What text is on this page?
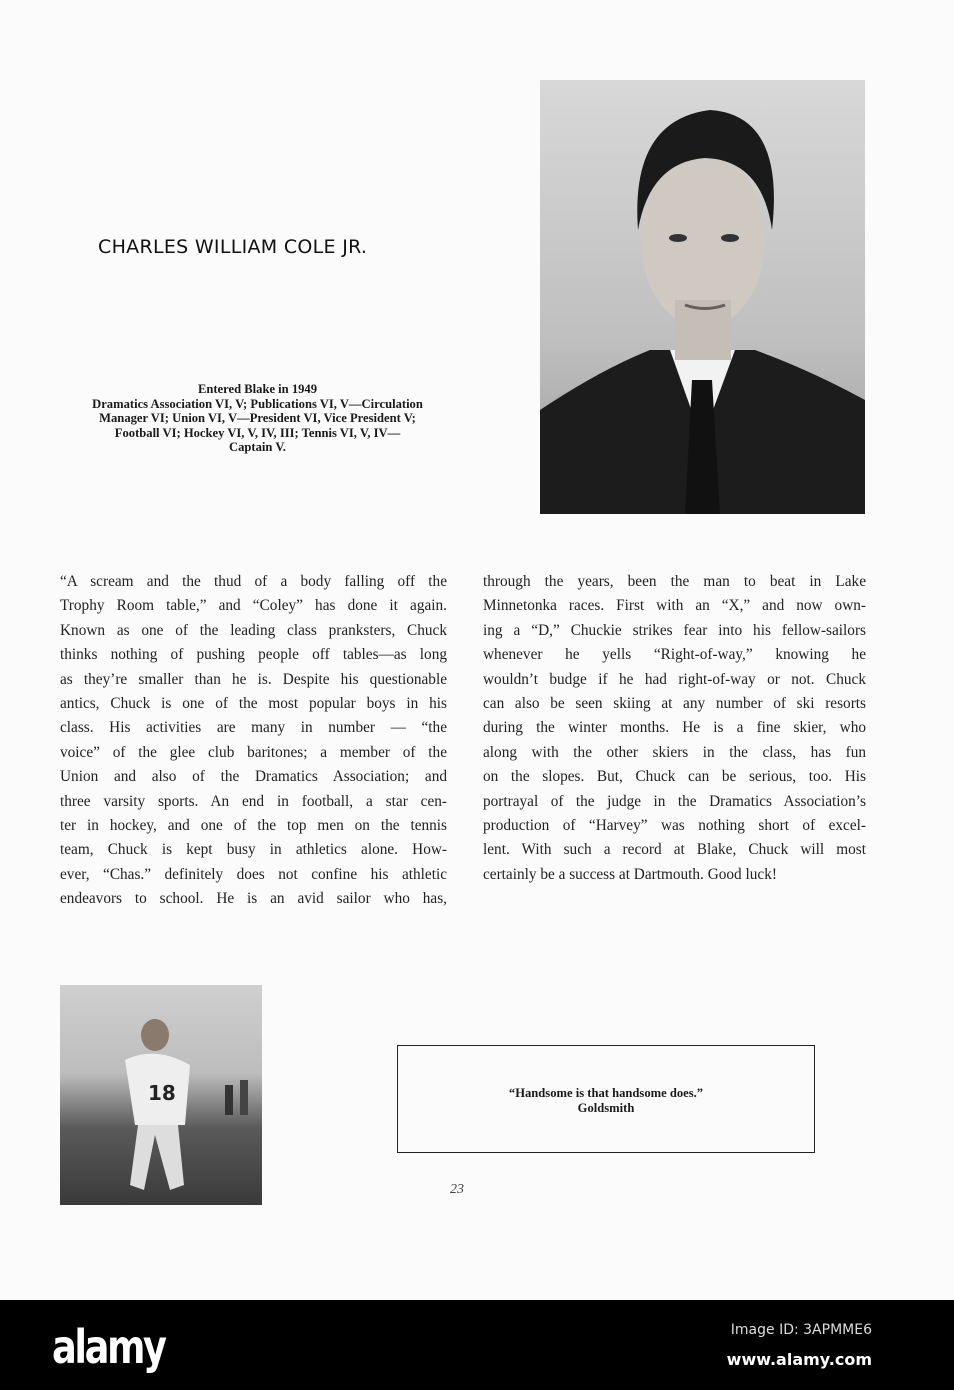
CHARLES WILLIAM COLE JR.
Entered Blake in 1949
Dramatics Association VI, V; Publications VI, V—Circulation
Manager VI; Union VI, V—President VI, Vice President V;
Football VI; Hockey VI, V, IV, III; Tennis VI, V, IV—
Captain V.
“A scream and the thud of a body falling off the
Trophy Room table,” and “Coley” has done it again.
Known as one of the leading class pranksters, Chuck
thinks nothing of pushing people off tables—as long
as they’re smaller than he is. Despite his questionable
antics, Chuck is one of the most popular boys in his
class. His activities are many in number — “the
voice” of the glee club baritones; a member of the
Union and also of the Dramatics Association; and
three varsity sports. An end in football, a star cen-
ter in hockey, and one of the top men on the tennis
team, Chuck is kept busy in athletics alone. How-
ever, “Chas.” definitely does not confine his athletic
endeavors to school. He is an avid sailor who has,
through the years, been the man to beat in Lake
Minnetonka races. First with an “X,” and now own-
ing a “D,” Chuckie strikes fear into his fellow-sailors
whenever he yells “Right-of-way,” knowing he
wouldn’t budge if he had right-of-way or not. Chuck
can also be seen skiing at any number of ski resorts
during the winter months. He is a fine skier, who
along with the other skiers in the class, has fun
on the slopes. But, Chuck can be serious, too. His
portrayal of the judge in the Dramatics Association’s
production of “Harvey” was nothing short of excel-
lent. With such a record at Blake, Chuck will most
certainly be a success at Dartmouth. Good luck!
18	“Handsome is that handsome does.”
Goldsmith
23
alamy	Image ID: 3APMME6
www.alamy.com
